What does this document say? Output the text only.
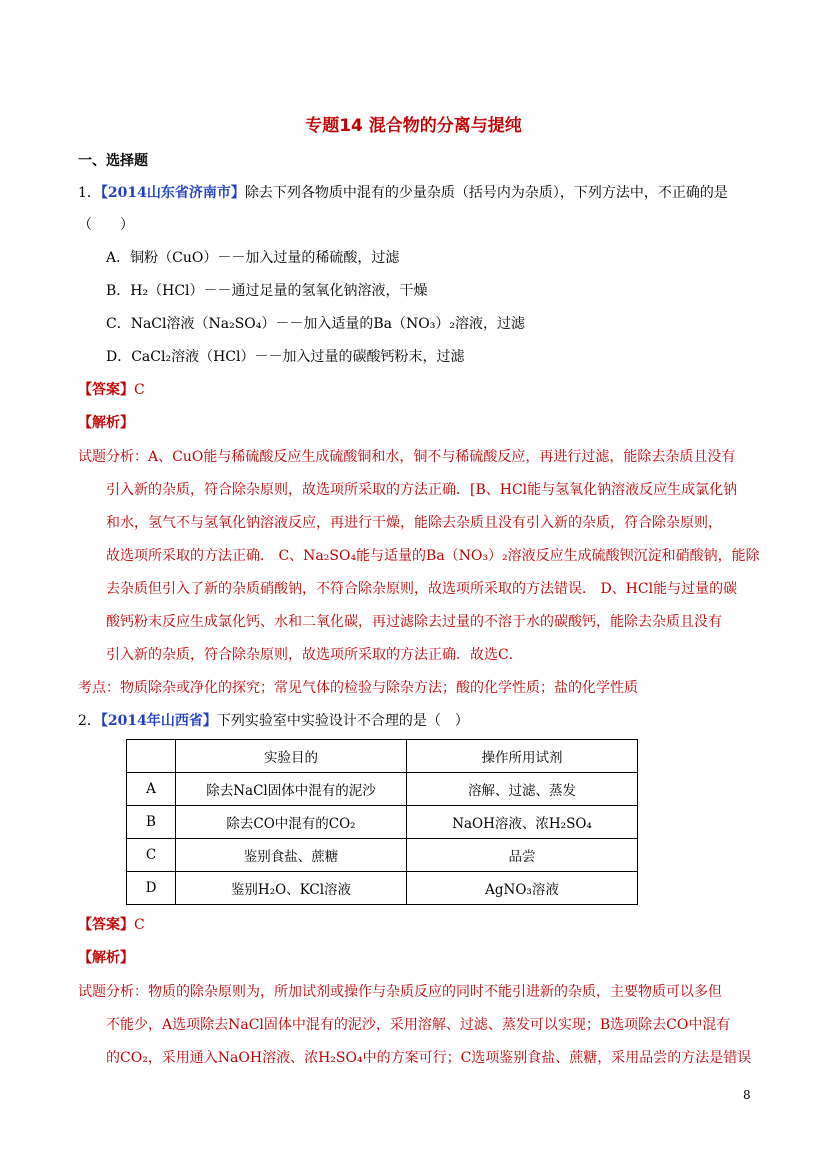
专题14 混合物的分离与提纯
一、选择题
1．【2014山东省济南市】除去下列各物质中混有的少量杂质（括号内为杂质），下列方法中，不正确的是
（　　）
A．铜粉（CuO）－－加入过量的稀硫酸，过滤
B．H₂（HCl）－－通过足量的氢氧化钠溶液，干燥
C．NaCl溶液（Na₂SO₄）－－加入适量的Ba（NO₃）₂溶液，过滤
D．CaCl₂溶液（HCl）－－加入过量的碳酸钙粉末，过滤
【答案】C
【解析】
试题分析：A、CuO能与稀硫酸反应生成硫酸铜和水，铜不与稀硫酸反应，再进行过滤，能除去杂质且没有
引入新的杂质，符合除杂原则，故选项所采取的方法正确．[B、HCl能与氢氧化钠溶液反应生成氯化钠
和水，氢气不与氢氧化钠溶液反应，再进行干燥，能除去杂质且没有引入新的杂质，符合除杂原则，
故选项所采取的方法正确． C、Na₂SO₄能与适量的Ba（NO₃）₂溶液反应生成硫酸钡沉淀和硝酸钠，能除
去杂质但引入了新的杂质硝酸钠，不符合除杂原则，故选项所采取的方法错误． D、HCl能与过量的碳
酸钙粉末反应生成氯化钙、水和二氧化碳，再过滤除去过量的不溶于水的碳酸钙，能除去杂质且没有
引入新的杂质，符合除杂原则，故选项所采取的方法正确．故选C．
考点：物质除杂或净化的探究；常见气体的检验与除杂方法；酸的化学性质；盐的化学性质
2．【2014年山西省】下列实验室中实验设计不合理的是（　）
	实验目的	操作所用试剂
A	除去NaCl固体中混有的泥沙	溶解、过滤、蒸发
B	除去CO中混有的CO₂	NaOH溶液、浓H₂SO₄
C	鉴别食盐、蔗糖	品尝
D	鉴别H₂O、KCl溶液	AgNO₃溶液
【答案】C
【解析】
试题分析：物质的除杂原则为，所加试剂或操作与杂质反应的同时不能引进新的杂质，主要物质可以多但
不能少，A选项除去NaCl固体中混有的泥沙，采用溶解、过滤、蒸发可以实现；B选项除去CO中混有
的CO₂，采用通入NaOH溶液、浓H₂SO₄中的方案可行；C选项鉴别食盐、蔗糖，采用品尝的方法是错误
8
